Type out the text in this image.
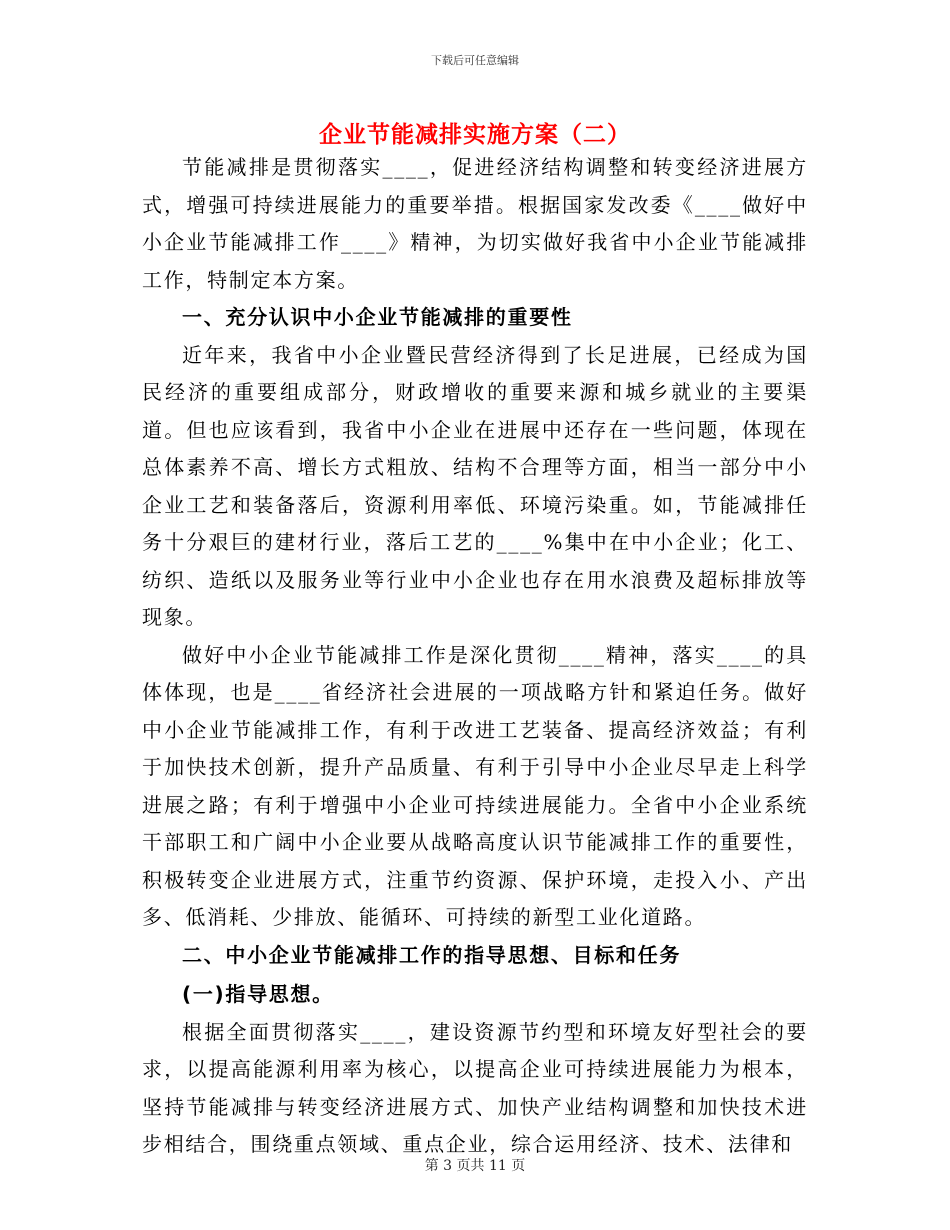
下载后可任意编辑
企业节能减排实施方案（二）

节能减排是贯彻落实____，促进经济结构调整和转变经济进展方式，增强可持续进展能力的重要举措。根据国家发改委《____做好中小企业节能减排工作____》精神，为切实做好我省中小企业节能减排工作，特制定本方案。

一、充分认识中小企业节能减排的重要性

近年来，我省中小企业暨民营经济得到了长足进展，已经成为国民经济的重要组成部分，财政增收的重要来源和城乡就业的主要渠道。但也应该看到，我省中小企业在进展中还存在一些问题，体现在总体素养不高、增长方式粗放、结构不合理等方面，相当一部分中小企业工艺和装备落后，资源利用率低、环境污染重。如，节能减排任务十分艰巨的建材行业，落后工艺的____%集中在中小企业；化工、纺织、造纸以及服务业等行业中小企业也存在用水浪费及超标排放等现象。

做好中小企业节能减排工作是深化贯彻____精神，落实____的具体体现，也是____省经济社会进展的一项战略方针和紧迫任务。做好中小企业节能减排工作，有利于改进工艺装备、提高经济效益；有利于加快技术创新，提升产品质量、有利于引导中小企业尽早走上科学进展之路；有利于增强中小企业可持续进展能力。全省中小企业系统干部职工和广阔中小企业要从战略高度认识节能减排工作的重要性，积极转变企业进展方式，注重节约资源、保护环境，走投入小、产出多、低消耗、少排放、能循环、可持续的新型工业化道路。

二、中小企业节能减排工作的指导思想、目标和任务

(一)指导思想。

根据全面贯彻落实____，建设资源节约型和环境友好型社会的要求，以提高能源利用率为核心，以提高企业可持续进展能力为根本，坚持节能减排与转变经济进展方式、加快产业结构调整和加快技术进步相结合，围绕重点领域、重点企业，综合运用经济、技术、法律和

第 3 页共 11 页
